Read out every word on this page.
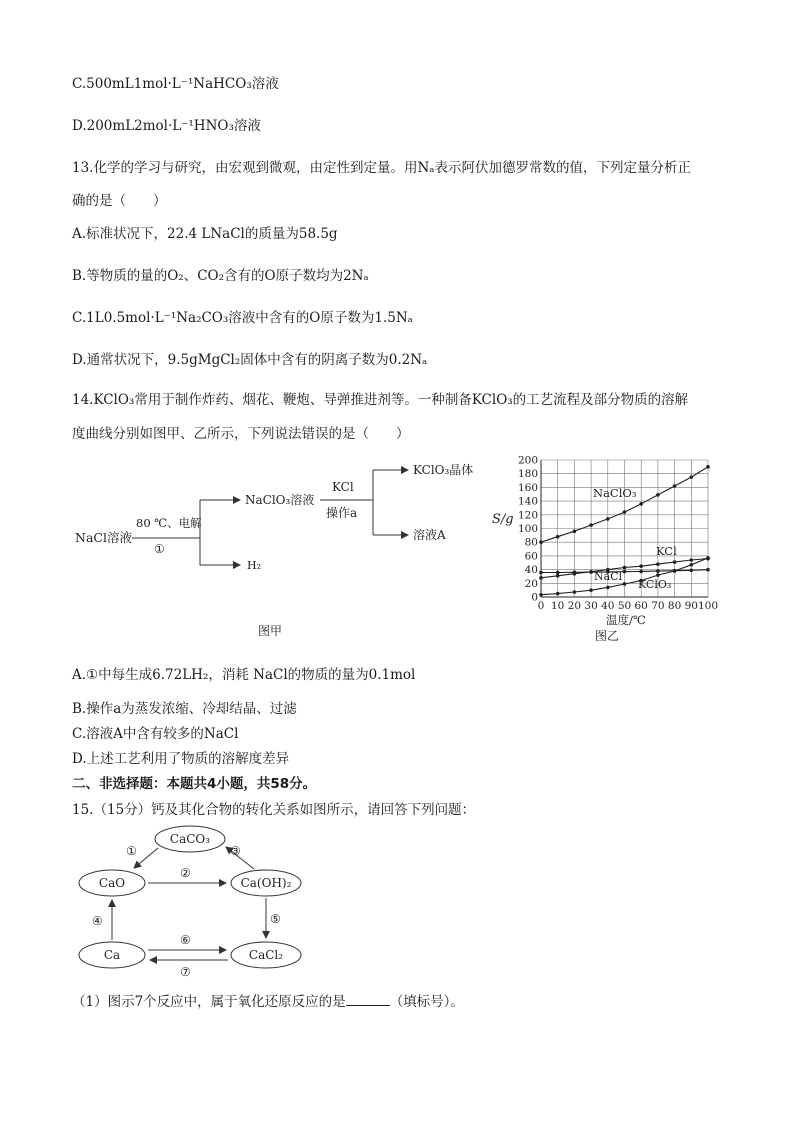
C.500mL1mol·L⁻¹NaHCO₃溶液
D.200mL2mol·L⁻¹HNO₃溶液
13.化学的学习与研究，由宏观到微观，由定性到定量。用Nₐ表示阿伏加德罗常数的值，下列定量分析正
确的是（　　）
A.标准状况下，22.4 LNaCl的质量为58.5g
B.等物质的量的O₂、CO₂含有的O原子数均为2Nₐ
C.1L0.5mol·L⁻¹Na₂CO₃溶液中含有的O原子数为1.5Nₐ
D.通常状况下，9.5gMgCl₂固体中含有的阴离子数为0.2Nₐ
14.KClO₃常用于制作炸药、烟花、鞭炮、导弹推进剂等。一种制备KClO₃的工艺流程及部分物质的溶解
度曲线分别如图甲、乙所示，下列说法错误的是（　　）
NaCl溶液
80 ℃、电解
①
NaClO₃溶液
H₂
KCl
操作a
KClO₃晶体
溶液A
图甲
0
20
40
60
80
100
120
140
160
180
200
0 10 20 30 40 50 60 70 80 90 100
S/g
温度/℃
图乙
NaClO₃
KCl
NaCl
KClO₃
A.①中每生成6.72LH₂，消耗 NaCl的物质的量为0.1mol
B.操作a为蒸发浓缩、冷却结晶、过滤
C.溶液A中含有较多的NaCl
D.上述工艺利用了物质的溶解度差异
二、非选择题：本题共4小题，共58分。
15.（15分）钙及其化合物的转化关系如图所示，请回答下列问题：
CaCO₃
CaO	Ca(OH)₂
Ca	CaCl₂
①	③
②
④	⑤
⑥
⑦
（1）图示7个反应中，属于氧化还原反应的是	（填标号）。
